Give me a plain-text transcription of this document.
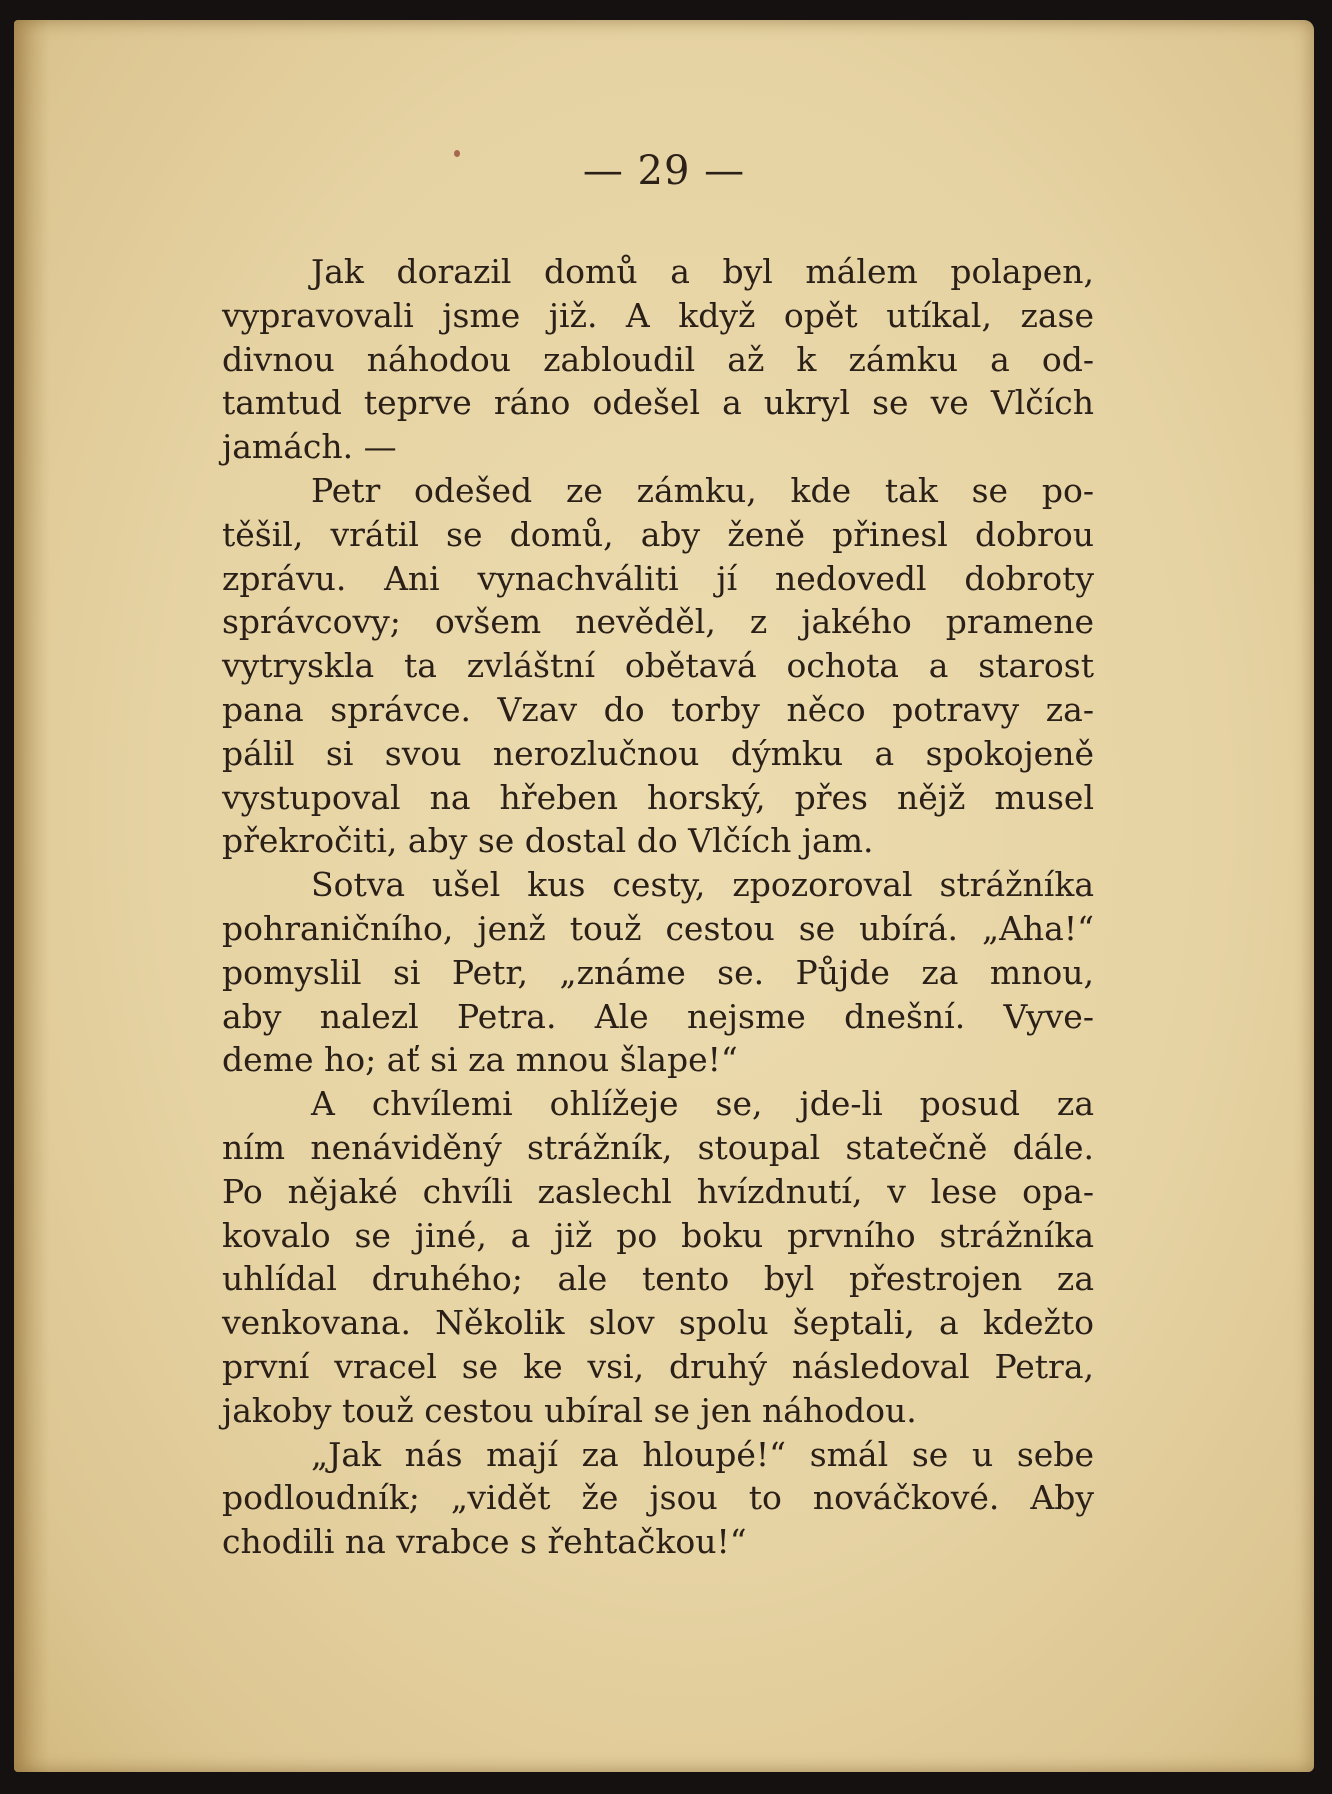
— 29 —
Jak dorazil domů a byl málem polapen,
vypravovali jsme již. A když opět utíkal, zase
divnou náhodou zabloudil až k zámku a od-
tamtud teprve ráno odešel a ukryl se ve Vlčích
jamách. —
Petr odešed ze zámku, kde tak se po-
těšil, vrátil se domů, aby ženě přinesl dobrou
zprávu. Ani vynachváliti jí nedovedl dobroty
správcovy; ovšem nevěděl, z jakého pramene
vytryskla ta zvláštní obětavá ochota a starost
pana správce. Vzav do torby něco potravy za-
pálil si svou nerozlučnou dýmku a spokojeně
vystupoval na hřeben horský, přes nějž musel
překročiti, aby se dostal do Vlčích jam.
Sotva ušel kus cesty, zpozoroval strážníka
pohraničního, jenž touž cestou se ubírá. „Aha!“
pomyslil si Petr, „známe se. Půjde za mnou,
aby nalezl Petra. Ale nejsme dnešní. Vyve-
deme ho; ať si za mnou šlape!“
A chvílemi ohlížeje se, jde-li posud za
ním nenáviděný strážník, stoupal statečně dále.
Po nějaké chvíli zaslechl hvízdnutí, v lese opa-
kovalo se jiné, a již po boku prvního strážníka
uhlídal druhého; ale tento byl přestrojen za
venkovana. Několik slov spolu šeptali, a kdežto
první vracel se ke vsi, druhý následoval Petra,
jakoby touž cestou ubíral se jen náhodou.
„Jak nás mají za hloupé!“ smál se u sebe
podloudník; „vidět že jsou to nováčkové. Aby
chodili na vrabce s řehtačkou!“
